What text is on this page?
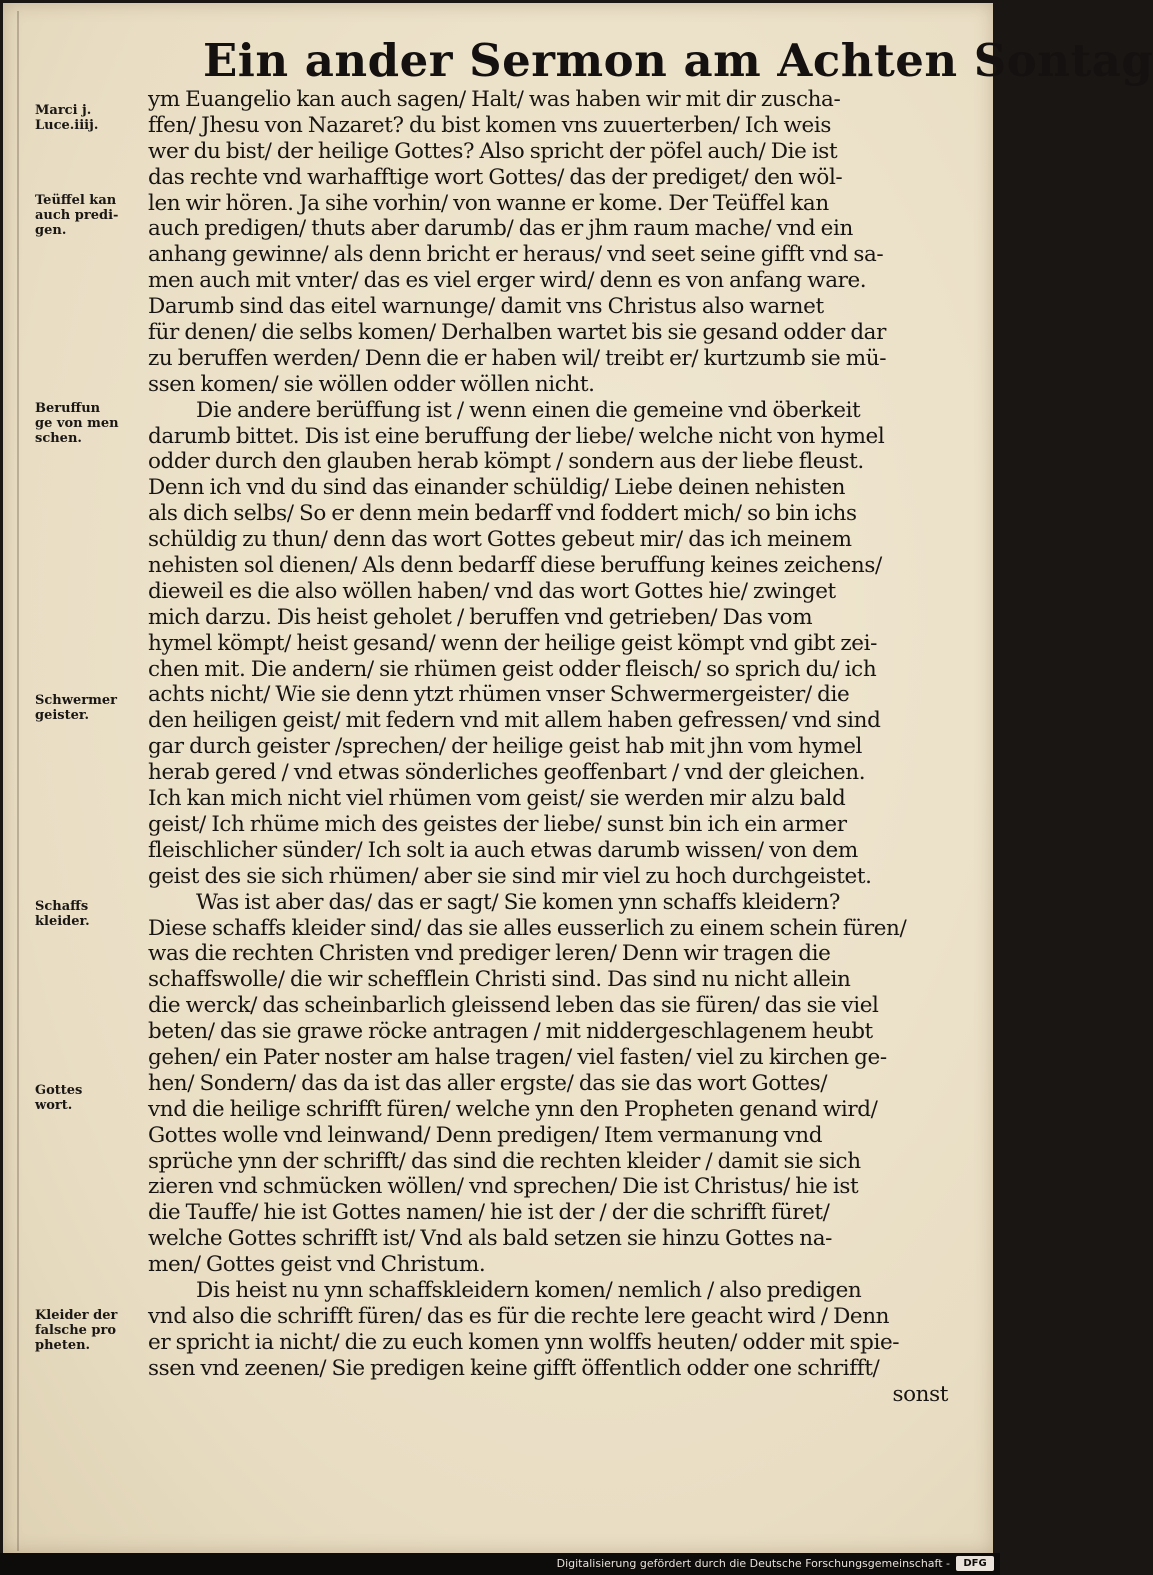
Ein ander Sermon am Achten Sontag
Marci j.
Luce.iiij.
Teüffel kan
auch predi-
gen.
Beruffun
ge von men
schen.
Schwermer
geister.
Schaffs
kleider.
Gottes
wort.
Kleider der
falsche pro
pheten.
ym Euangelio kan auch sagen/ Halt/ was haben wir mit dir zuscha-
ffen/ Jhesu von Nazaret? du bist komen vns zuuerterben/ Ich weis
wer du bist/ der heilige Gottes? Also spricht der pöfel auch/ Die ist
das rechte vnd warhafftige wort Gottes/ das der prediget/ den wöl-
len wir hören. Ja sihe vorhin/ von wanne er kome. Der Teüffel kan
auch predigen/ thuts aber darumb/ das er jhm raum mache/ vnd ein
anhang gewinne/ als denn bricht er heraus/ vnd seet seine gifft vnd sa-
men auch mit vnter/ das es viel erger wird/ denn es von anfang ware.
Darumb sind das eitel warnunge/ damit vns Christus also warnet
für denen/ die selbs komen/ Derhalben wartet bis sie gesand odder dar
zu beruffen werden/ Denn die er haben wil/ treibt er/ kurtzumb sie mü-
ssen komen/ sie wöllen odder wöllen nicht.
Die andere berüffung ist / wenn einen die gemeine vnd öberkeit
darumb bittet. Dis ist eine beruffung der liebe/ welche nicht von hymel
odder durch den glauben herab kömpt / sondern aus der liebe fleust.
Denn ich vnd du sind das einander schüldig/ Liebe deinen nehisten
als dich selbs/ So er denn mein bedarff vnd foddert mich/ so bin ichs
schüldig zu thun/ denn das wort Gottes gebeut mir/ das ich meinem
nehisten sol dienen/ Als denn bedarff diese beruffung keines zeichens/
dieweil es die also wöllen haben/ vnd das wort Gottes hie/ zwinget
mich darzu. Dis heist geholet / beruffen vnd getrieben/ Das vom
hymel kömpt/ heist gesand/ wenn der heilige geist kömpt vnd gibt zei-
chen mit. Die andern/ sie rhümen geist odder fleisch/ so sprich du/ ich
achts nicht/ Wie sie denn ytzt rhümen vnser Schwermergeister/ die
den heiligen geist/ mit federn vnd mit allem haben gefressen/ vnd sind
gar durch geister /sprechen/ der heilige geist hab mit jhn vom hymel
herab gered / vnd etwas sönderliches geoffenbart / vnd der gleichen.
Ich kan mich nicht viel rhümen vom geist/ sie werden mir alzu bald
geist/ Ich rhüme mich des geistes der liebe/ sunst bin ich ein armer
fleischlicher sünder/ Ich solt ia auch etwas darumb wissen/ von dem
geist des sie sich rhümen/ aber sie sind mir viel zu hoch durchgeistet.
Was ist aber das/ das er sagt/ Sie komen ynn schaffs kleidern?
Diese schaffs kleider sind/ das sie alles eusserlich zu einem schein füren/
was die rechten Christen vnd prediger leren/ Denn wir tragen die
schaffswolle/ die wir schefflein Christi sind. Das sind nu nicht allein
die werck/ das scheinbarlich gleissend leben das sie füren/ das sie viel
beten/ das sie grawe röcke antragen / mit niddergeschlagenem heubt
gehen/ ein Pater noster am halse tragen/ viel fasten/ viel zu kirchen ge-
hen/ Sondern/ das da ist das aller ergste/ das sie das wort Gottes/
vnd die heilige schrifft füren/ welche ynn den Propheten genand wird/
Gottes wolle vnd leinwand/ Denn predigen/ Item vermanung vnd
sprüche ynn der schrifft/ das sind die rechten kleider / damit sie sich
zieren vnd schmücken wöllen/ vnd sprechen/ Die ist Christus/ hie ist
die Tauffe/ hie ist Gottes namen/ hie ist der / der die schrifft füret/
welche Gottes schrifft ist/ Vnd als bald setzen sie hinzu Gottes na-
men/ Gottes geist vnd Christum.
Dis heist nu ynn schaffskleidern komen/ nemlich / also predigen
vnd also die schrifft füren/ das es für die rechte lere geacht wird / Denn
er spricht ia nicht/ die zu euch komen ynn wolffs heuten/ odder mit spie-
ssen vnd zeenen/ Sie predigen keine gifft öffentlich odder one schrifft/
sonst
Digitalisierung gefördert durch die Deutsche Forschungsgemeinschaft -	DFG
